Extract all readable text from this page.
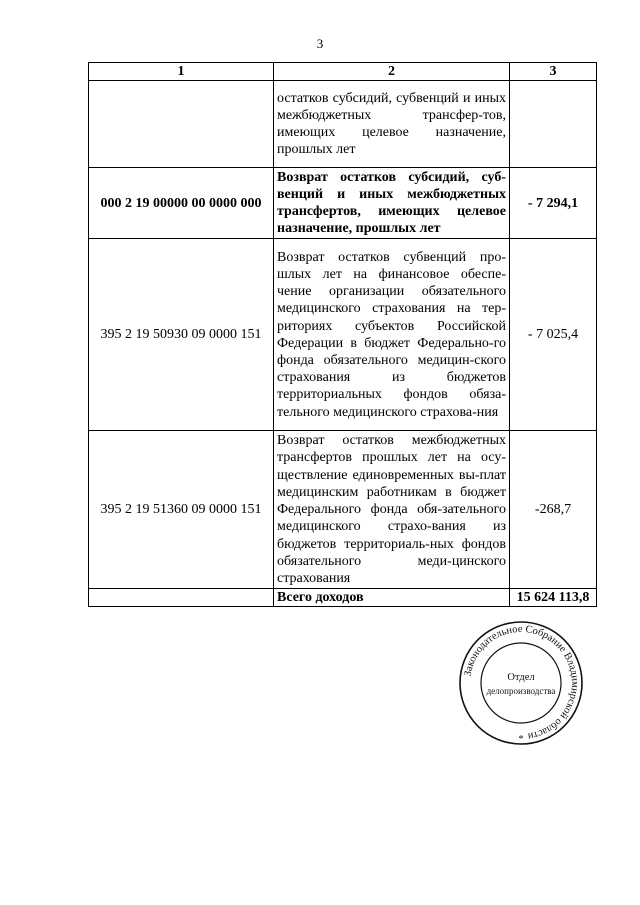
3
1	2	3
	остатков субсидий, субвенций и иных межбюджетных трансфер-тов, имеющих целевое назначение, прошлых лет	
000 2 19 00000 00 0000 000	Возврат остатков субсидий, суб-венций и иных межбюджетных трансфертов, имеющих целевое назначение, прошлых лет	- 7 294,1
395 2 19 50930 09 0000 151	Возврат остатков субвенций про-шлых лет на финансовое обеспе-чение организации обязательного медицинского страхования на тер-риториях субъектов Российской Федерации в бюджет Федерально-го фонда обязательного медицин-ского страхования из бюджетов территориальных фондов обяза-тельного медицинского страхова-ния	- 7 025,4
395 2 19 51360 09 0000 151	Возврат остатков межбюджетных трансфертов прошлых лет на осу-ществление единовременных вы-плат медицинским работникам в бюджет Федерального фонда обя-зательного медицинского страхо-вания из бюджетов территориаль-ных фондов обязательного меди-цинского страхования	-268,7
	Всего доходов	15 624 113,8
Законодательное Собрание Владимирской области
*
Отдел
делопроизводства
